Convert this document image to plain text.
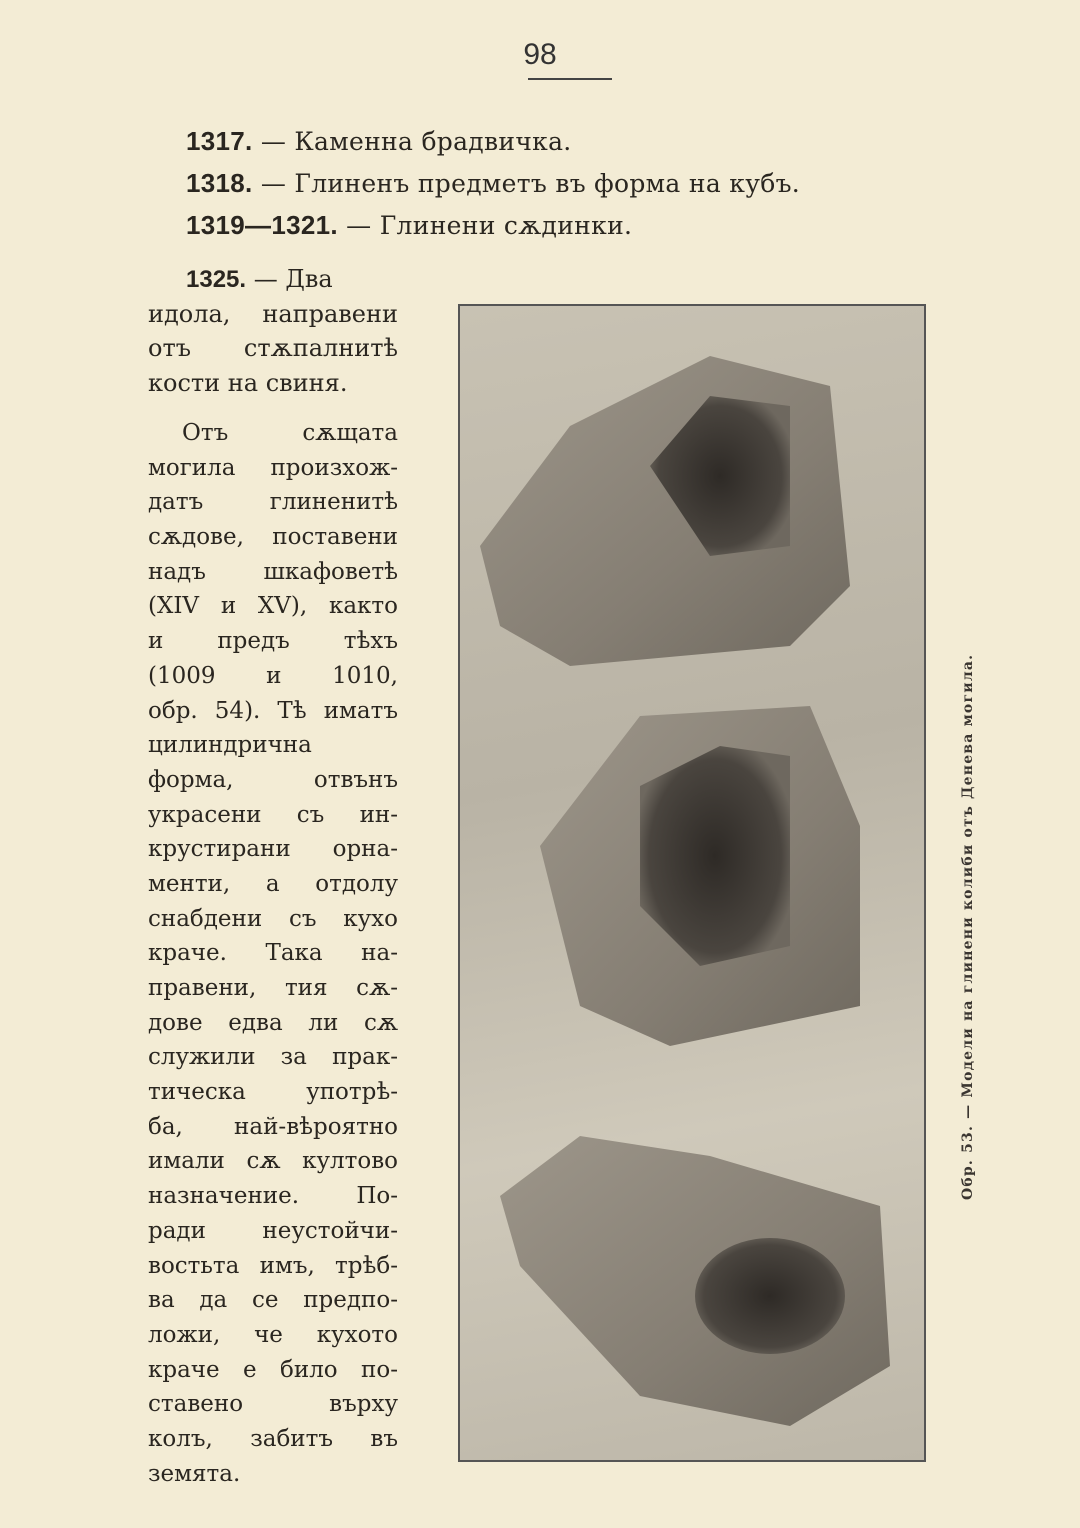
98
1317. — Каменна брадвичка.
1318. — Глиненъ предметъ въ форма на кубъ.
1319—1321. — Глинени сѫдинки.
1325. — Два
идола, направени
отъ стѫпалнитѣ
кости на свиня.
Отъ сѫщата
могила произхож-
датъ глиненитѣ
сѫдове, поставени
надъ шкафоветѣ
(XIV и XV), както
и предъ тѣхъ
(1009 и 1010,
обр. 54). Тѣ иматъ
цилиндрична
форма, отвънъ
украсени съ ин-
крустирани орна-
менти, а отдолу
снабдени съ кухо
краче. Така на-
правени, тия сѫ-
дове едва ли сѫ
служили за прак-
тическа употрѣ-
ба, най-вѣроятно
имали сѫ култово
назначение. По-
ради неустойчи-
востьта имъ, трѣб-
ва да се предпо-
ложи, че кухото
краче е било по-
ставено върху
колъ, забитъ въ
земята.
Обр. 53. — Модели на глинени колиби отъ Денева могила.
